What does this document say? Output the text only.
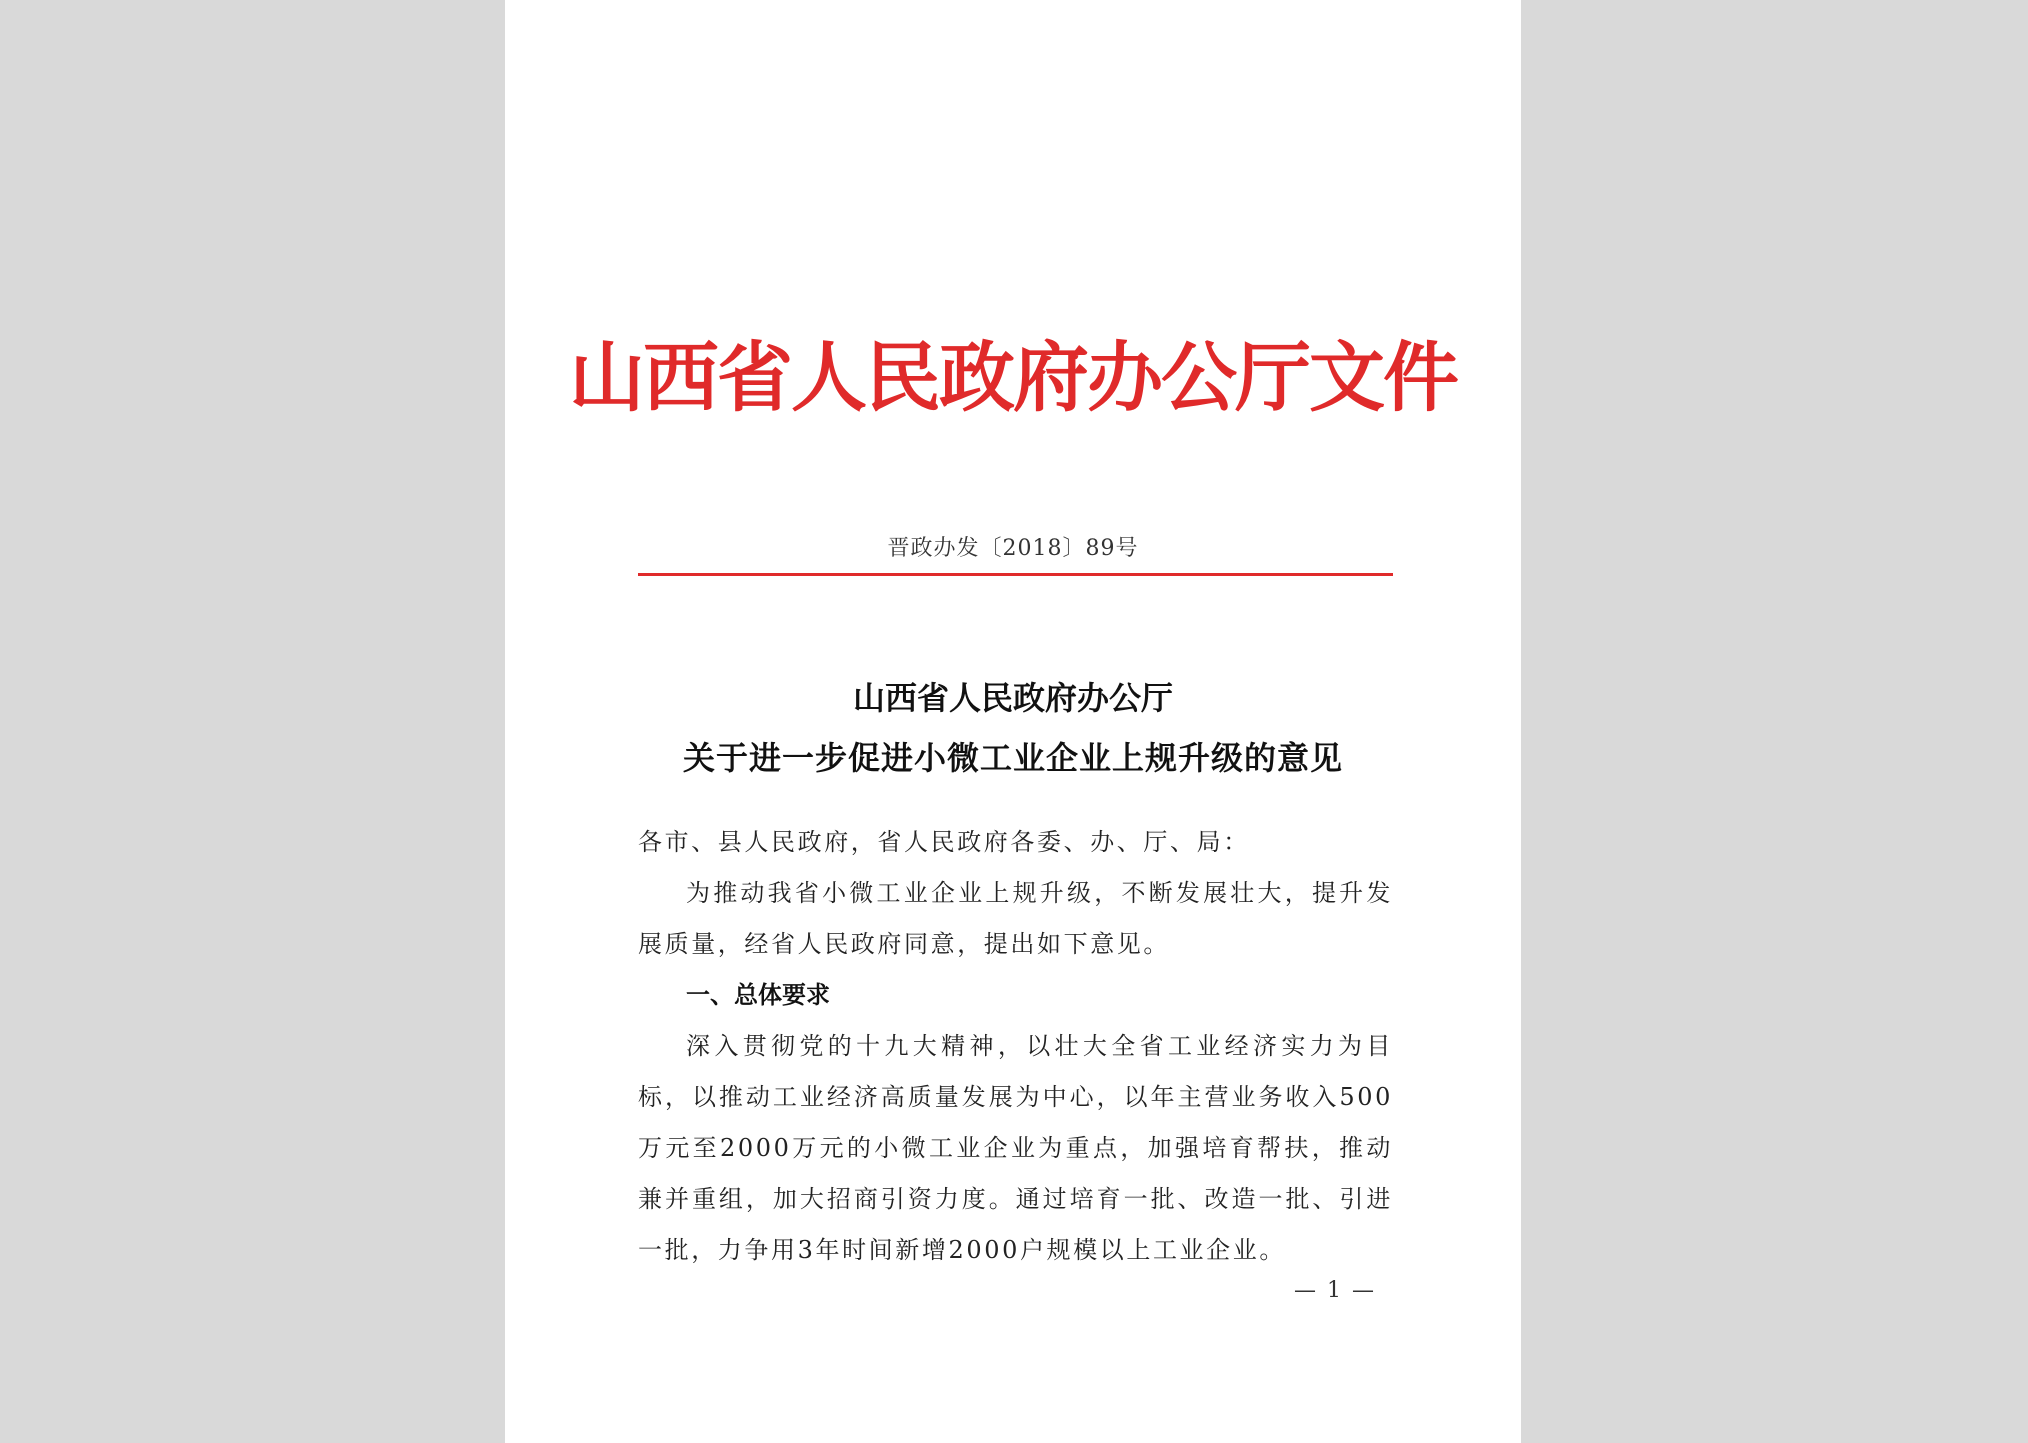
山西省人民政府办公厅文件
晋政办发〔2018〕89号
山西省人民政府办公厅
关于进一步促进小微工业企业上规升级的意见
各市、县人民政府，省人民政府各委、办、厅、局：
为推动我省小微工业企业上规升级，不断发展壮大，提升发展质量，经省人民政府同意，提出如下意见。
一、总体要求
深入贯彻党的十九大精神，以壮大全省工业经济实力为目标，以推动工业经济高质量发展为中心，以年主营业务收入500万元至2000万元的小微工业企业为重点，加强培育帮扶，推动兼并重组，加大招商引资力度。通过培育一批、改造一批、引进一批，力争用3年时间新增2000户规模以上工业企业。
— 1 —
